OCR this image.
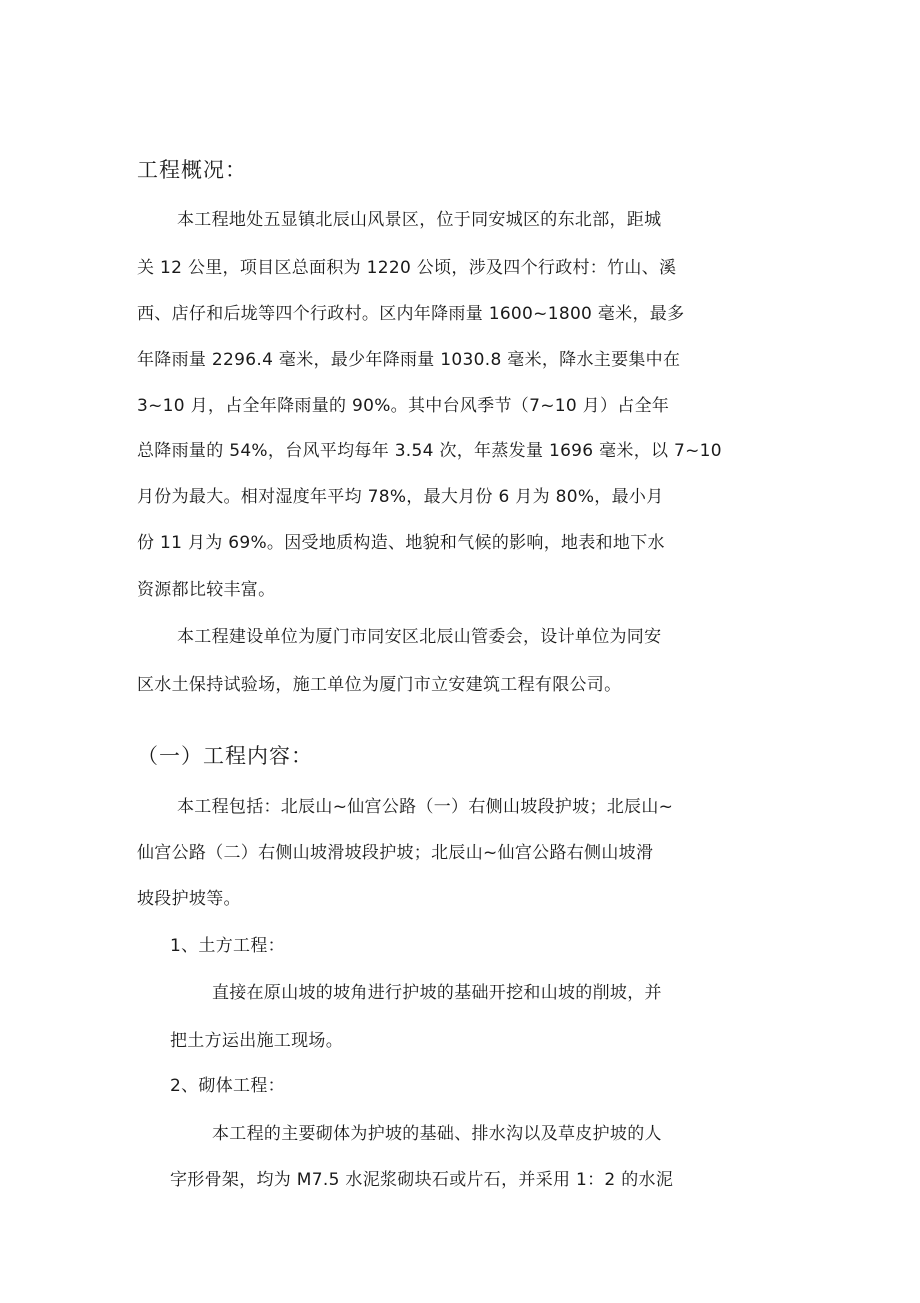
工程概况：
本工程地处五显镇北辰山风景区，位于同安城区的东北部，距城
关 12 公里，项目区总面积为 1220 公顷，涉及四个行政村：竹山、溪
西、店仔和后垅等四个行政村。区内年降雨量 1600~1800 毫米，最多
年降雨量 2296.4 毫米，最少年降雨量 1030.8 毫米，降水主要集中在
3~10 月，占全年降雨量的 90%。其中台风季节（7~10 月）占全年
总降雨量的 54%，台风平均每年 3.54 次，年蒸发量 1696 毫米，以 7~10
月份为最大。相对湿度年平均 78%，最大月份 6 月为 80%，最小月
份 11 月为 69%。因受地质构造、地貌和气候的影响，地表和地下水
资源都比较丰富。
本工程建设单位为厦门市同安区北辰山管委会，设计单位为同安
区水土保持试验场，施工单位为厦门市立安建筑工程有限公司。
（一）工程内容：
本工程包括：北辰山~仙宫公路（一）右侧山坡段护坡；北辰山~
仙宫公路（二）右侧山坡滑坡段护坡；北辰山~仙宫公路右侧山坡滑
坡段护坡等。
1、土方工程：
直接在原山坡的坡角进行护坡的基础开挖和山坡的削坡，并
把土方运出施工现场。
2、砌体工程：
本工程的主要砌体为护坡的基础、排水沟以及草皮护坡的人
字形骨架，均为 M7.5 水泥浆砌块石或片石，并采用 1：2 的水泥
